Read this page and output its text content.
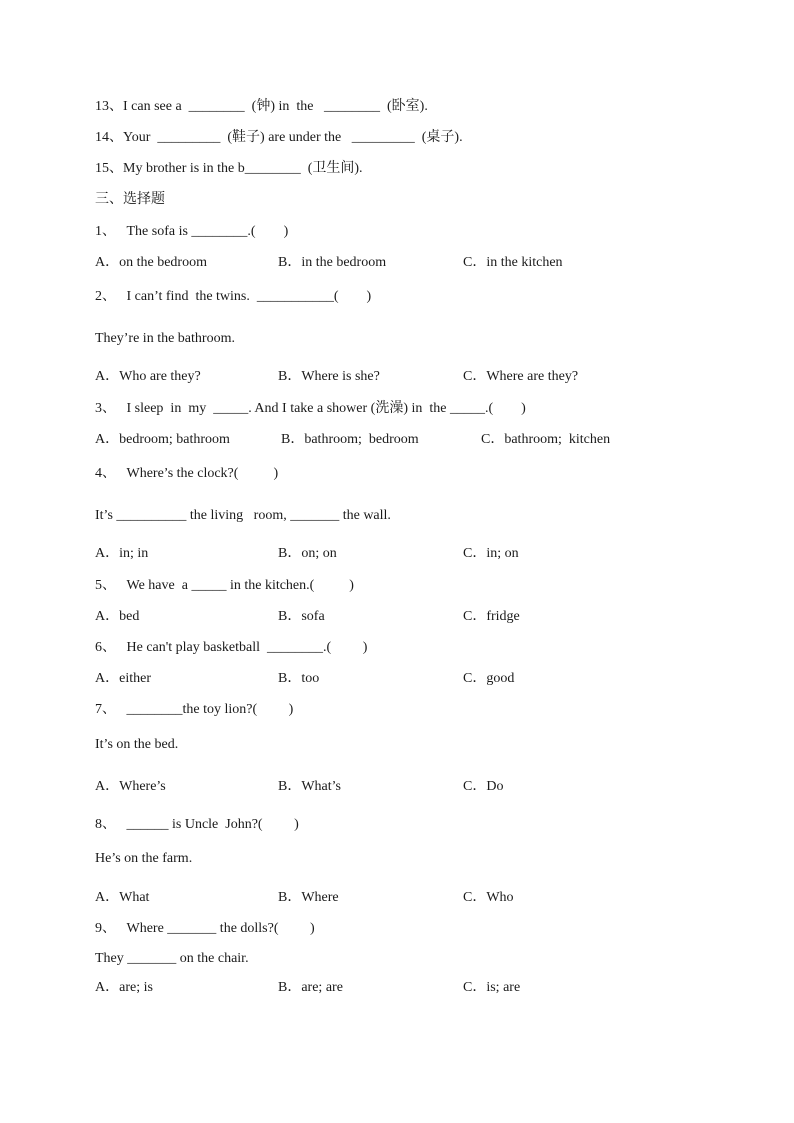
13、I can see a  ________  (钟) in  the   ________  (卧室).
14、Your  _________  (鞋子) are under the   _________  (桌子).
15、My brother is in the b________  (卫生间).
三、选择题
1、   The sofa is ________.(        )
A．on the bedroom	B．in the bedroom	C．in the kitchen
2、   I can’t find  the twins.  ___________(        )
They’re in the bathroom.
A．Who are they?	B．Where is she?	C．Where are they?
3、   I sleep  in  my  _____. And I take a shower (洗澡) in  the _____.(        )
A．bedroom; bathroom	B．bathroom;  bedroom	C．bathroom;  kitchen
4、   Where’s the clock?(          )
It’s __________ the living   room, _______ the wall.
A．in; in	B．on; on	C．in; on
5、   We have  a _____ in the kitchen.(          )
A．bed	B．sofa	C．fridge
6、   He can't play basketball  ________.(         )
A．either	B．too	C．good
7、   ________the toy lion?(         )
It’s on the bed.
A．Where’s	B．What’s	C．Do
8、   ______ is Uncle  John?(         )
He’s on the farm.
A．What	B．Where	C．Who
9、   Where _______ the dolls?(         )
They _______ on the chair.
A．are; is	B．are; are	C．is; are
